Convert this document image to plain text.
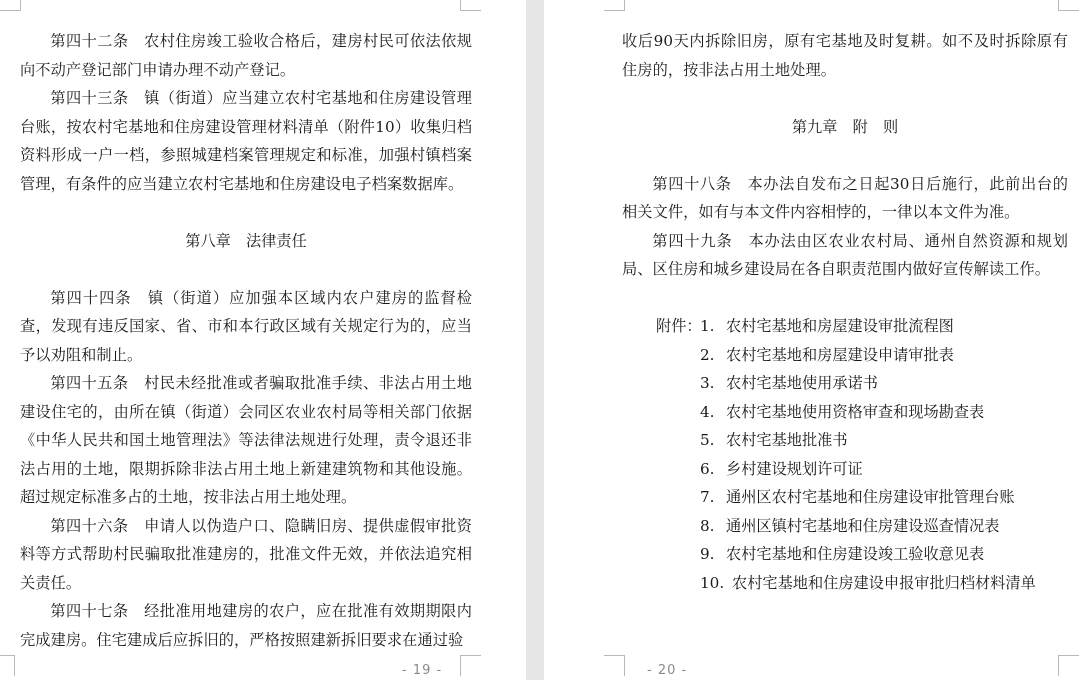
第四十二条　农村住房竣工验收合格后，建房村民可依法依规向不动产登记部门申请办理不动产登记。

第四十三条　镇（街道）应当建立农村宅基地和住房建设管理台账，按农村宅基地和住房建设管理材料清单（附件10）收集归档资料形成一户一档，参照城建档案管理规定和标准，加强村镇档案管理，有条件的应当建立农村宅基地和住房建设电子档案数据库。

第八章　法律责任

第四十四条　镇（街道）应加强本区域内农户建房的监督检查，发现有违反国家、省、市和本行政区域有关规定行为的，应当予以劝阻和制止。

第四十五条　村民未经批准或者骗取批准手续、非法占用土地建设住宅的，由所在镇（街道）会同区农业农村局等相关部门依据《中华人民共和国土地管理法》等法律法规进行处理，责令退还非法占用的土地，限期拆除非法占用土地上新建建筑物和其他设施。超过规定标准多占的土地，按非法占用土地处理。

第四十六条　申请人以伪造户口、隐瞒旧房、提供虚假审批资料等方式帮助村民骗取批准建房的，批准文件无效，并依法追究相关责任。

第四十七条　经批准用地建房的农户，应在批准有效期期限内完成建房。住宅建成后应拆旧的，严格按照建新拆旧要求在通过验

- 19 -

收后90天内拆除旧房，原有宅基地及时复耕。如不及时拆除原有住房的，按非法占用土地处理。

第九章　附　则

第四十八条　本办法自发布之日起30日后施行，此前出台的相关文件，如有与本文件内容相悖的，一律以本文件为准。

第四十九条　本办法由区农业农村局、通州自然资源和规划局、区住房和城乡建设局在各自职责范围内做好宣传解读工作。

附件：
1. 农村宅基地和房屋建设审批流程图
2. 农村宅基地和房屋建设申请审批表
3. 农村宅基地使用承诺书
4. 农村宅基地使用资格审查和现场勘查表
5. 农村宅基地批准书
6. 乡村建设规划许可证
7. 通州区农村宅基地和住房建设审批管理台账
8. 通州区镇村宅基地和住房建设巡查情况表
9. 农村宅基地和住房建设竣工验收意见表
10. 农村宅基地和住房建设申报审批归档材料清单
- 20 -
